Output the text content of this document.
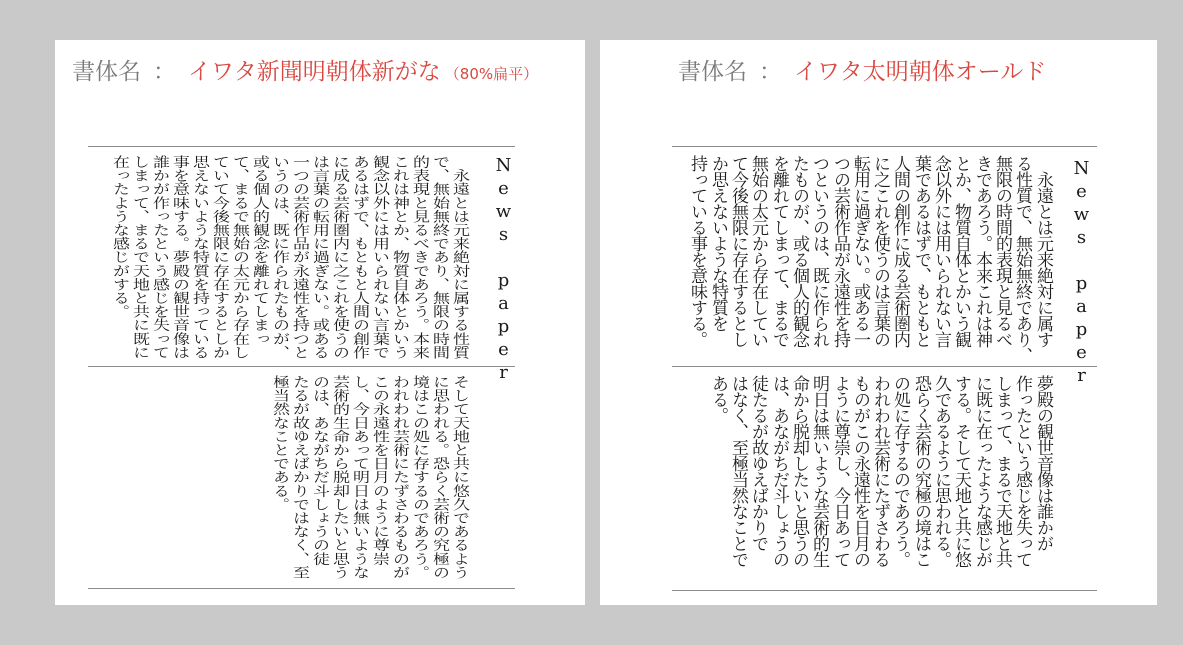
書体名 ： イワタ新聞明朝体新がな （80%扁平）
News paper
　永遠とは元来絶対に属する性質
で、無始無終であり、無限の時間
的表現と見るべきであろう。本来
これは神とか、物質自体とかいう
観念以外には用いられない言葉で
あるはずで、もともと人間の創作
に成る芸術圏内に之これを使うの
は言葉の転用に過ぎない。或ある
一つの芸術作品が永遠性を持つと
いうのは、既に作られたものが、
或る個人的観念を離れてしまっ
て、まるで無始の太元から存在し
ていて今後無限に存在するとしか
思えないような特質を持っている
事を意味する。夢殿の観世音像は
誰かが作ったという感じを失って
しまって、まるで天地と共に既に
在ったような感じがする。
そして天地と共に悠久であるよう
に思われる。恐らく芸術の究極の
境はこの処に存するのであろう。
われわれ芸術にたずさわるものが
この永遠性を日月のように尊崇
し、今日あって明日は無いような
芸術的生命から脱却したいと思う
のは、あながちだ斗しょうの徒
たるが故ゆえばかりではなく、至
極当然なことである。
書体名 ： イワタ太明朝体オールド
News paper
　永遠とは元来絶対に属す
る性質で、無始無終であり、
無限の時間的表現と見るべ
きであろう。本来これは神
とか、物質自体とかいう観
念以外には用いられない言
葉であるはずで、もともと
人間の創作に成る芸術圏内
に之これを使うのは言葉の
転用に過ぎない。或ある一
つの芸術作品が永遠性を持
つというのは、既に作られ
たものが、或る個人的観念
を離れてしまって、まるで
無始の太元から存在してい
て今後無限に存在するとし
か思えないような特質を
持っている事を意味する。
夢殿の観世音像は誰かが
作ったという感じを失って
しまって、まるで天地と共
に既に在ったような感じが
する。そして天地と共に悠
久であるように思われる。
恐らく芸術の究極の境はこ
の処に存するのであろう。
われわれ芸術にたずさわる
ものがこの永遠性を日月の
ように尊崇し、今日あって
明日は無いような芸術的生
命から脱却したいと思うの
は、あながちだ斗しょうの
徒たるが故ゆえばかりで
はなく、至極当然なことで
ある。
